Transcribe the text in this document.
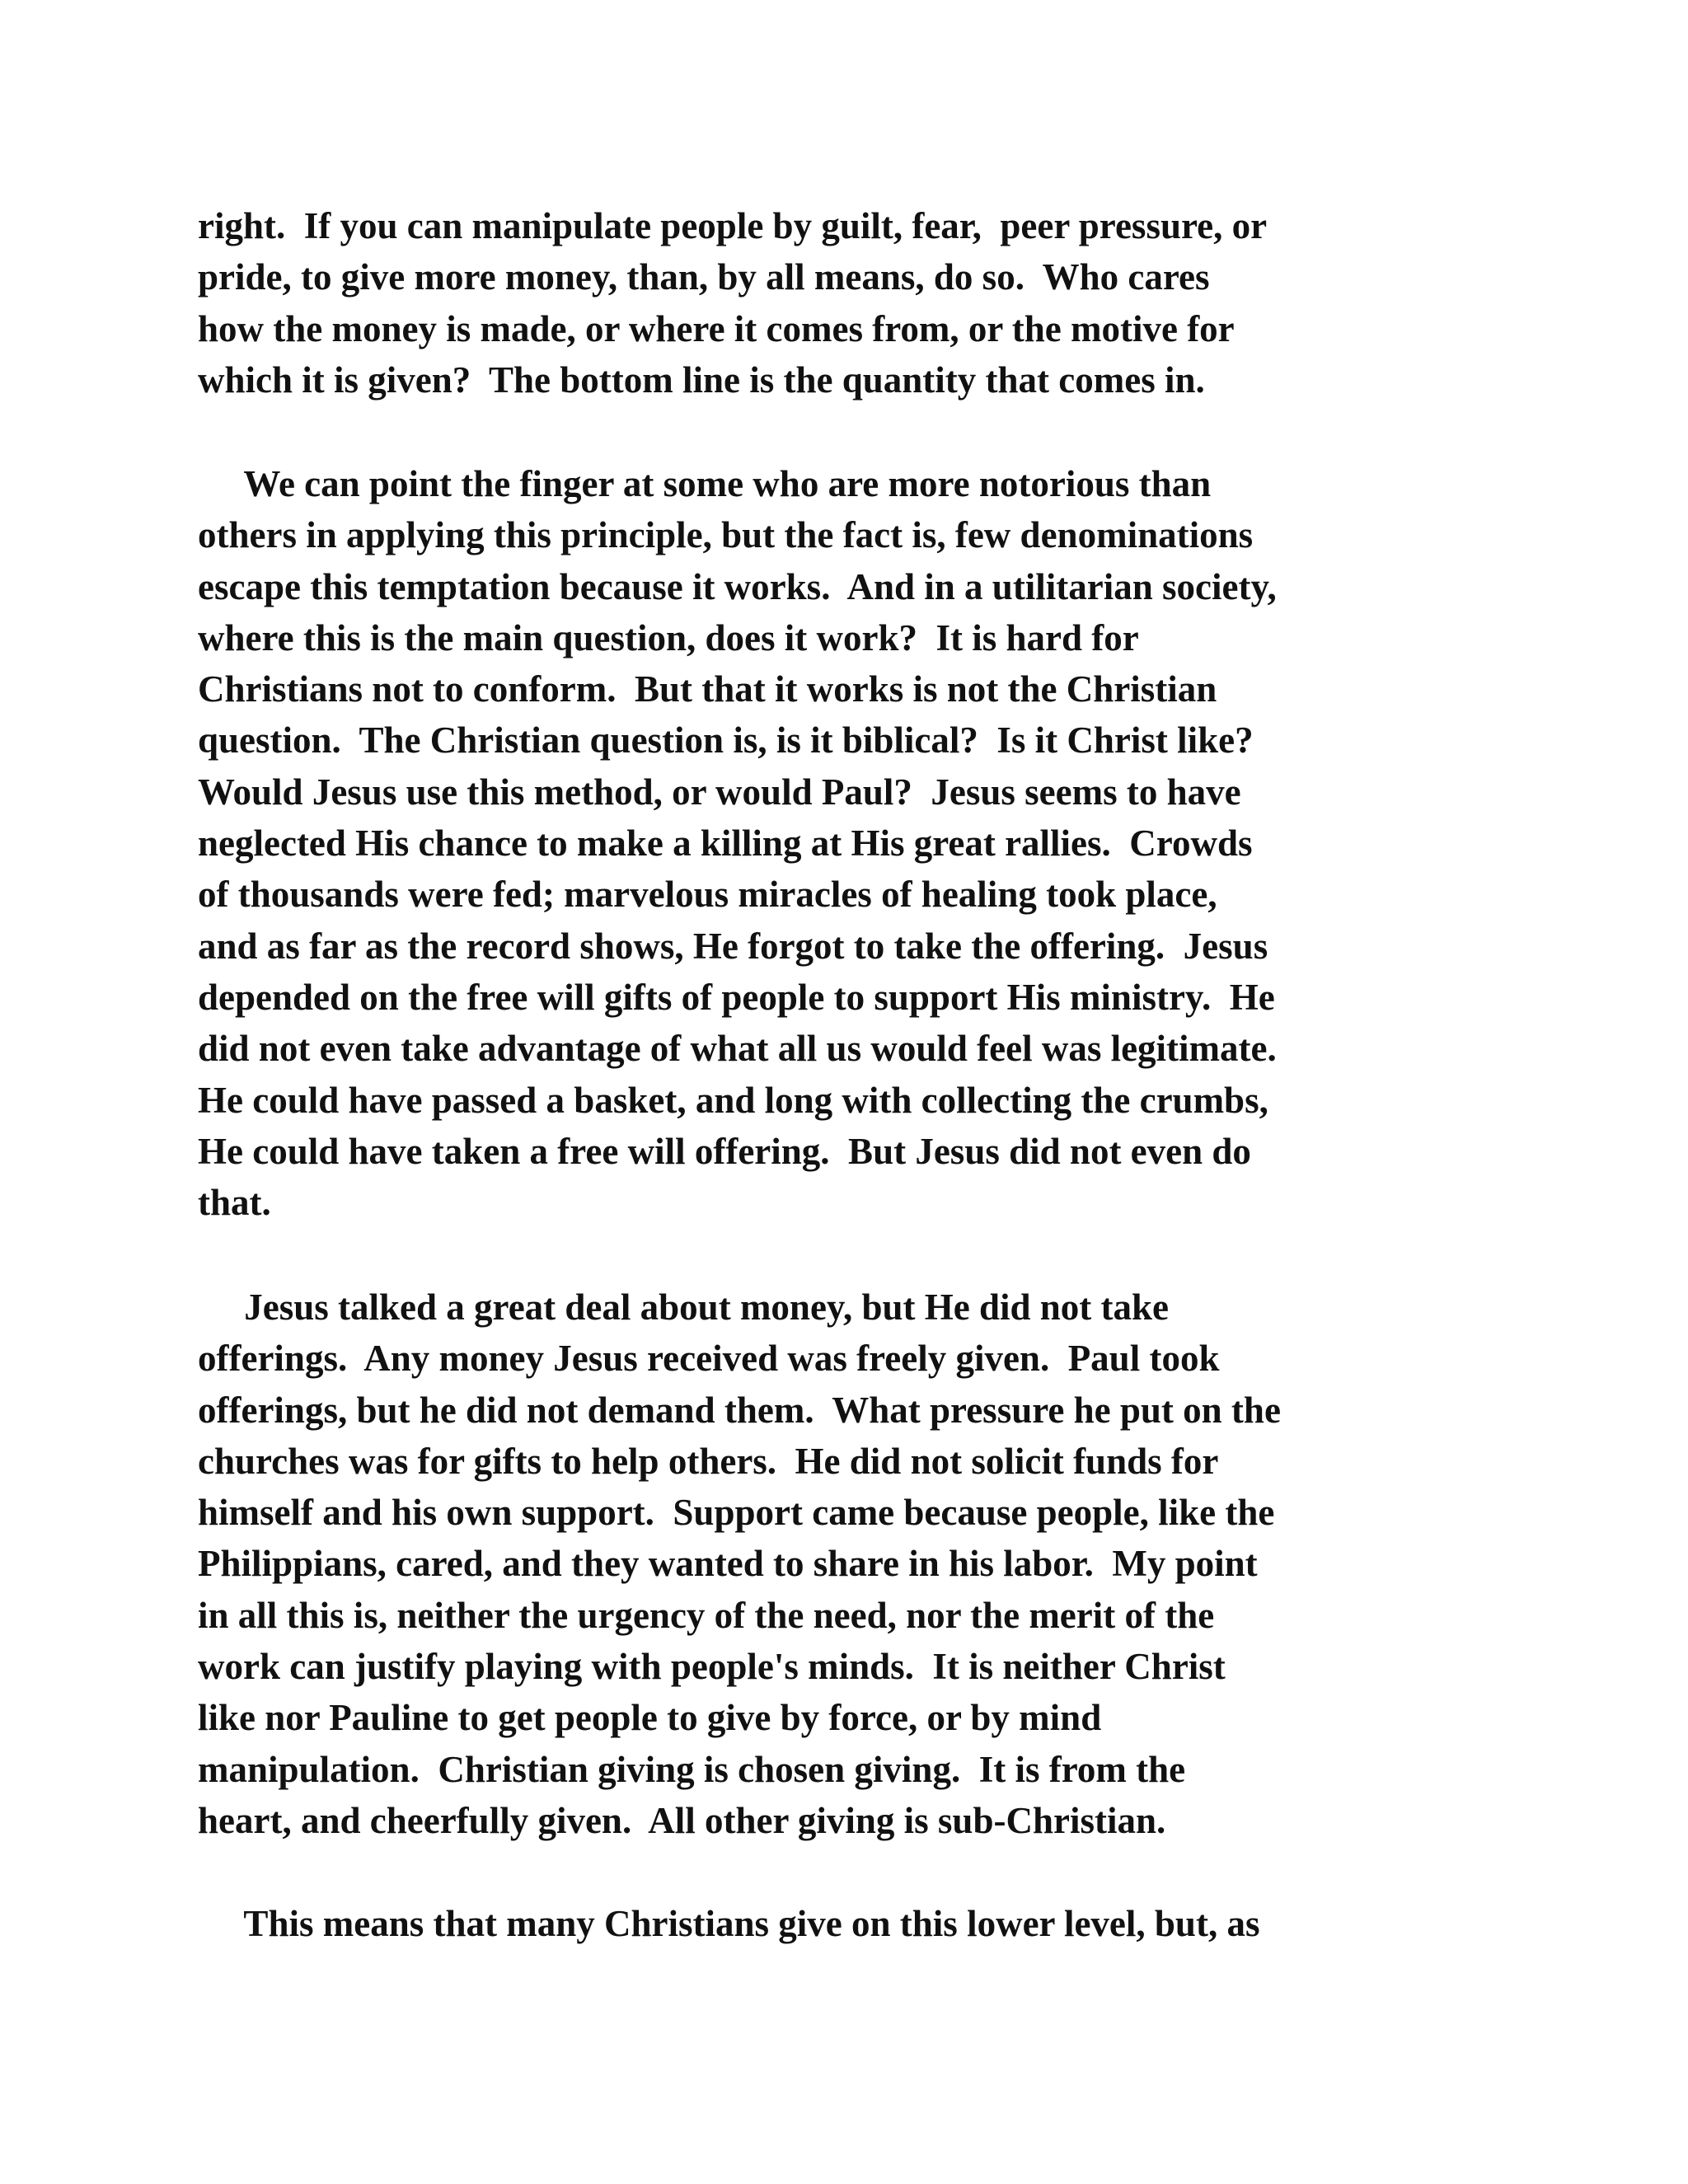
right.  If you can manipulate people by guilt, fear,  peer pressure, or
pride, to give more money, than, by all means, do so.  Who cares
how the money is made, or where it comes from, or the motive for
which it is given?  The bottom line is the quantity that comes in.
We can point the finger at some who are more notorious than
others in applying this principle, but the fact is, few denominations
escape this temptation because it works.  And in a utilitarian society,
where this is the main question, does it work?  It is hard for
Christians not to conform.  But that it works is not the Christian
question.  The Christian question is, is it biblical?  Is it Christ like?
Would Jesus use this method, or would Paul?  Jesus seems to have
neglected His chance to make a killing at His great rallies.  Crowds
of thousands were fed; marvelous miracles of healing took place,
and as far as the record shows, He forgot to take the offering.  Jesus
depended on the free will gifts of people to support His ministry.  He
did not even take advantage of what all us would feel was legitimate.
He could have passed a basket, and long with collecting the crumbs,
He could have taken a free will offering.  But Jesus did not even do
that.
Jesus talked a great deal about money, but He did not take
offerings.  Any money Jesus received was freely given.  Paul took
offerings, but he did not demand them.  What pressure he put on the
churches was for gifts to help others.  He did not solicit funds for
himself and his own support.  Support came because people, like the
Philippians, cared, and they wanted to share in his labor.  My point
in all this is, neither the urgency of the need, nor the merit of the
work can justify playing with people's minds.  It is neither Christ
like nor Pauline to get people to give by force, or by mind
manipulation.  Christian giving is chosen giving.  It is from the
heart, and cheerfully given.  All other giving is sub-Christian.
This means that many Christians give on this lower level, but, as
